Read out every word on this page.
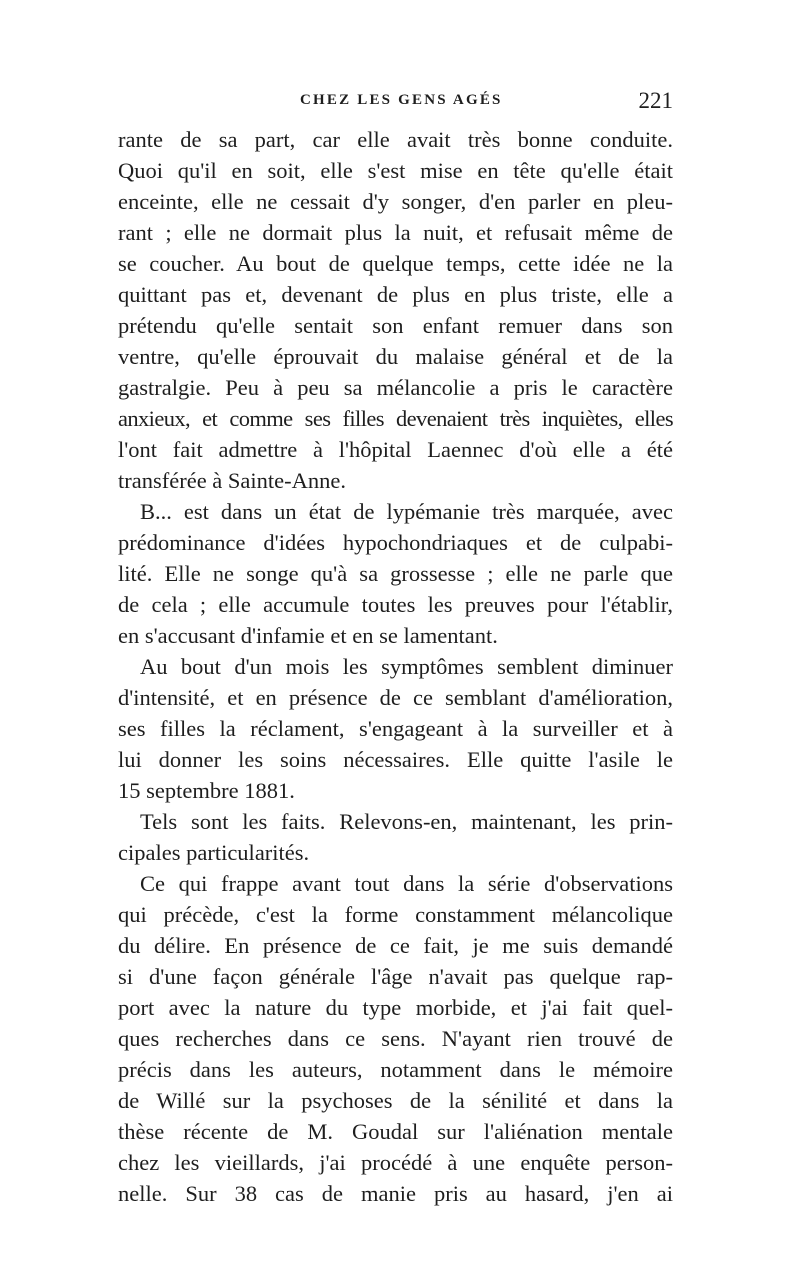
CHEZ LES GENS AGÉS	221
rante de sa part, car elle avait très bonne conduite.
Quoi qu'il en soit, elle s'est mise en tête qu'elle était
enceinte, elle ne cessait d'y songer, d'en parler en pleu-
rant ; elle ne dormait plus la nuit, et refusait même de
se coucher. Au bout de quelque temps, cette idée ne la
quittant pas et, devenant de plus en plus triste, elle a
prétendu qu'elle sentait son enfant remuer dans son
ventre, qu'elle éprouvait du malaise général et de la
gastralgie. Peu à peu sa mélancolie a pris le caractère
anxieux, et comme ses filles devenaient très inquiètes, elles
l'ont fait admettre à l'hôpital Laennec d'où elle a été
transférée à Sainte-Anne.
B... est dans un état de lypémanie très marquée, avec
prédominance d'idées hypochondriaques et de culpabi-
lité. Elle ne songe qu'à sa grossesse ; elle ne parle que
de cela ; elle accumule toutes les preuves pour l'établir,
en s'accusant d'infamie et en se lamentant.
Au bout d'un mois les symptômes semblent diminuer
d'intensité, et en présence de ce semblant d'amélioration,
ses filles la réclament, s'engageant à la surveiller et à
lui donner les soins nécessaires. Elle quitte l'asile le
15 septembre 1881.
Tels sont les faits. Relevons-en, maintenant, les prin-
cipales particularités.
Ce qui frappe avant tout dans la série d'observations
qui précède, c'est la forme constamment mélancolique
du délire. En présence de ce fait, je me suis demandé
si d'une façon générale l'âge n'avait pas quelque rap-
port avec la nature du type morbide, et j'ai fait quel-
ques recherches dans ce sens. N'ayant rien trouvé de
précis dans les auteurs, notamment dans le mémoire
de Willé sur la psychoses de la sénilité et dans la
thèse récente de M. Goudal sur l'aliénation mentale
chez les vieillards, j'ai procédé à une enquête person-
nelle. Sur 38 cas de manie pris au hasard, j'en ai
